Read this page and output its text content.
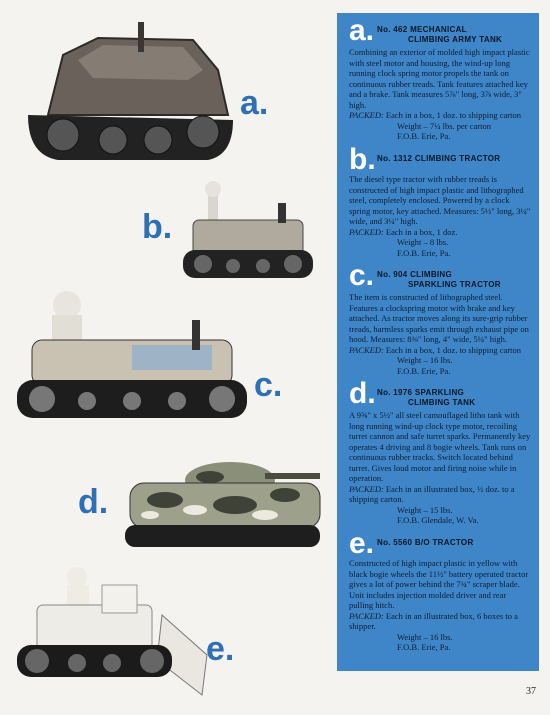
a.
b.
c.
d.
e.
a. No. 462 MECHANICAL
CLIMBING ARMY TANK
Combining an exterior of molded high impact plastic with steel motor and housing, the wind-up long running clock spring motor propels the tank on continuous rubber treads. Tank features attached key and a brake. Tank measures 5⅞" long, 3⅞ wide, 3" high.
PACKED: Each in a box, 1 doz. to shipping carton
Weight – 7¼ lbs. per carton
F.O.B. Erie, Pa.
b. No. 1312 CLIMBING TRACTOR
The diesel type tractor with rubber treads is constructed of high impact plastic and lithographed steel, completely enclosed. Powered by a clock spring motor, key attached. Measures: 5½" long, 3¼" wide, and 3¼" high.
PACKED: Each in a box, 1 doz.
Weight – 8 lbs.
F.O.B. Erie, Pa.
c. No. 904 CLIMBING
SPARKLING TRACTOR
The item is constructed of lithographed steel. Features a clockspring motor with brake and key attached. As tractor moves along its sure-grip rubber treads, harmless sparks emit through exhaust pipe on hood. Measures: 8⅜" long, 4" wide, 5¼" high.
PACKED: Each in a box, 1 doz. to shipping carton
Weight – 16 lbs.
F.O.B. Erie, Pa.
d. No. 1976 SPARKLING
CLIMBING TANK
A 9⅝" x 5½" all steel camouflaged litho tank with long running wind-up clock type motor, recoiling turret cannon and safe turret sparks. Permanently key operates 4 driving and 8 bogie wheels. Tank runs on continuous rubber tracks. Switch located behind turret. Gives loud motor and firing noise while in operation.
PACKED: Each in an illustrated box, ½ doz. to a shipping carton.
Weight – 15 lbs.
F.O.B. Glendale, W. Va.
e. No. 5560 B/O TRACTOR
Constructed of high impact plastic in yellow with black bogie wheels the 11½" battery operated tractor gives a lot of power behind the 7¾" scraper blade. Unit includes injection molded driver and rear pulling hitch.
PACKED: Each in an illustrated box, 6 boxes to a shipper.
Weight – 16 lbs.
F.O.B. Erie, Pa.
37
